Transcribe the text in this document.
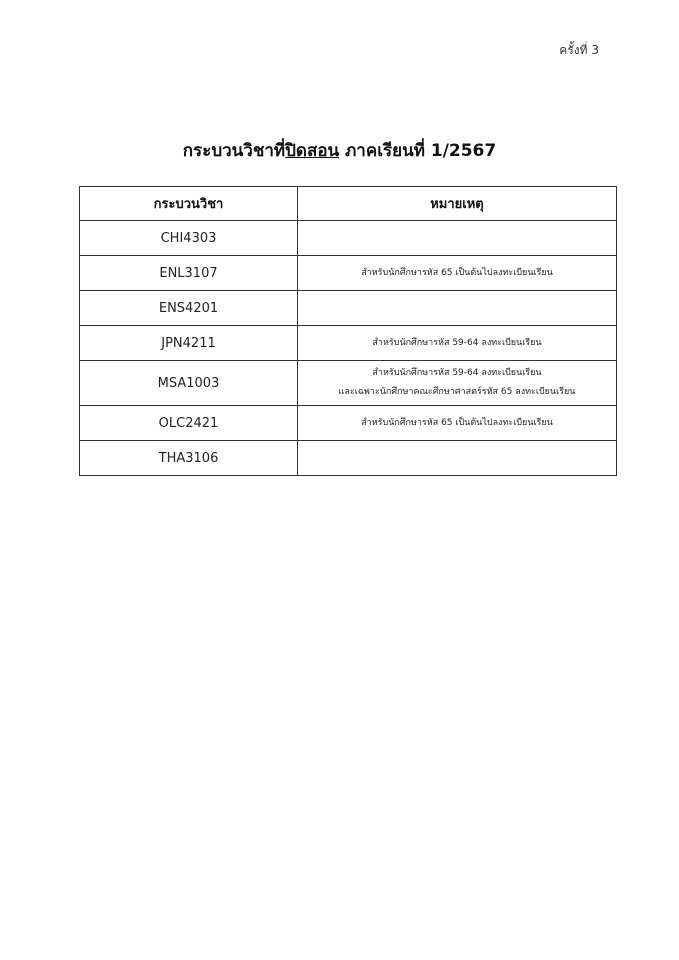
ครั้งที่ 3
กระบวนวิชาที่ปิดสอน ภาคเรียนที่ 1/2567
กระบวนวิชา	หมายเหตุ
CHI4303	
ENL3107	สำหรับนักศึกษารหัส 65 เป็นต้นไปลงทะเบียนเรียน

ENS4201	
JPN4211	สำหรับนักศึกษารหัส 59-64 ลงทะเบียนเรียน

MSA1003	สำหรับนักศึกษารหัส 59-64 ลงทะเบียนเรียน
และเฉพาะนักศึกษาคณะศึกษาศาสตร์รหัส 65 ลงทะเบียนเรียน

OLC2421	สำหรับนักศึกษารหัส 65 เป็นต้นไปลงทะเบียนเรียน

THA3106	
